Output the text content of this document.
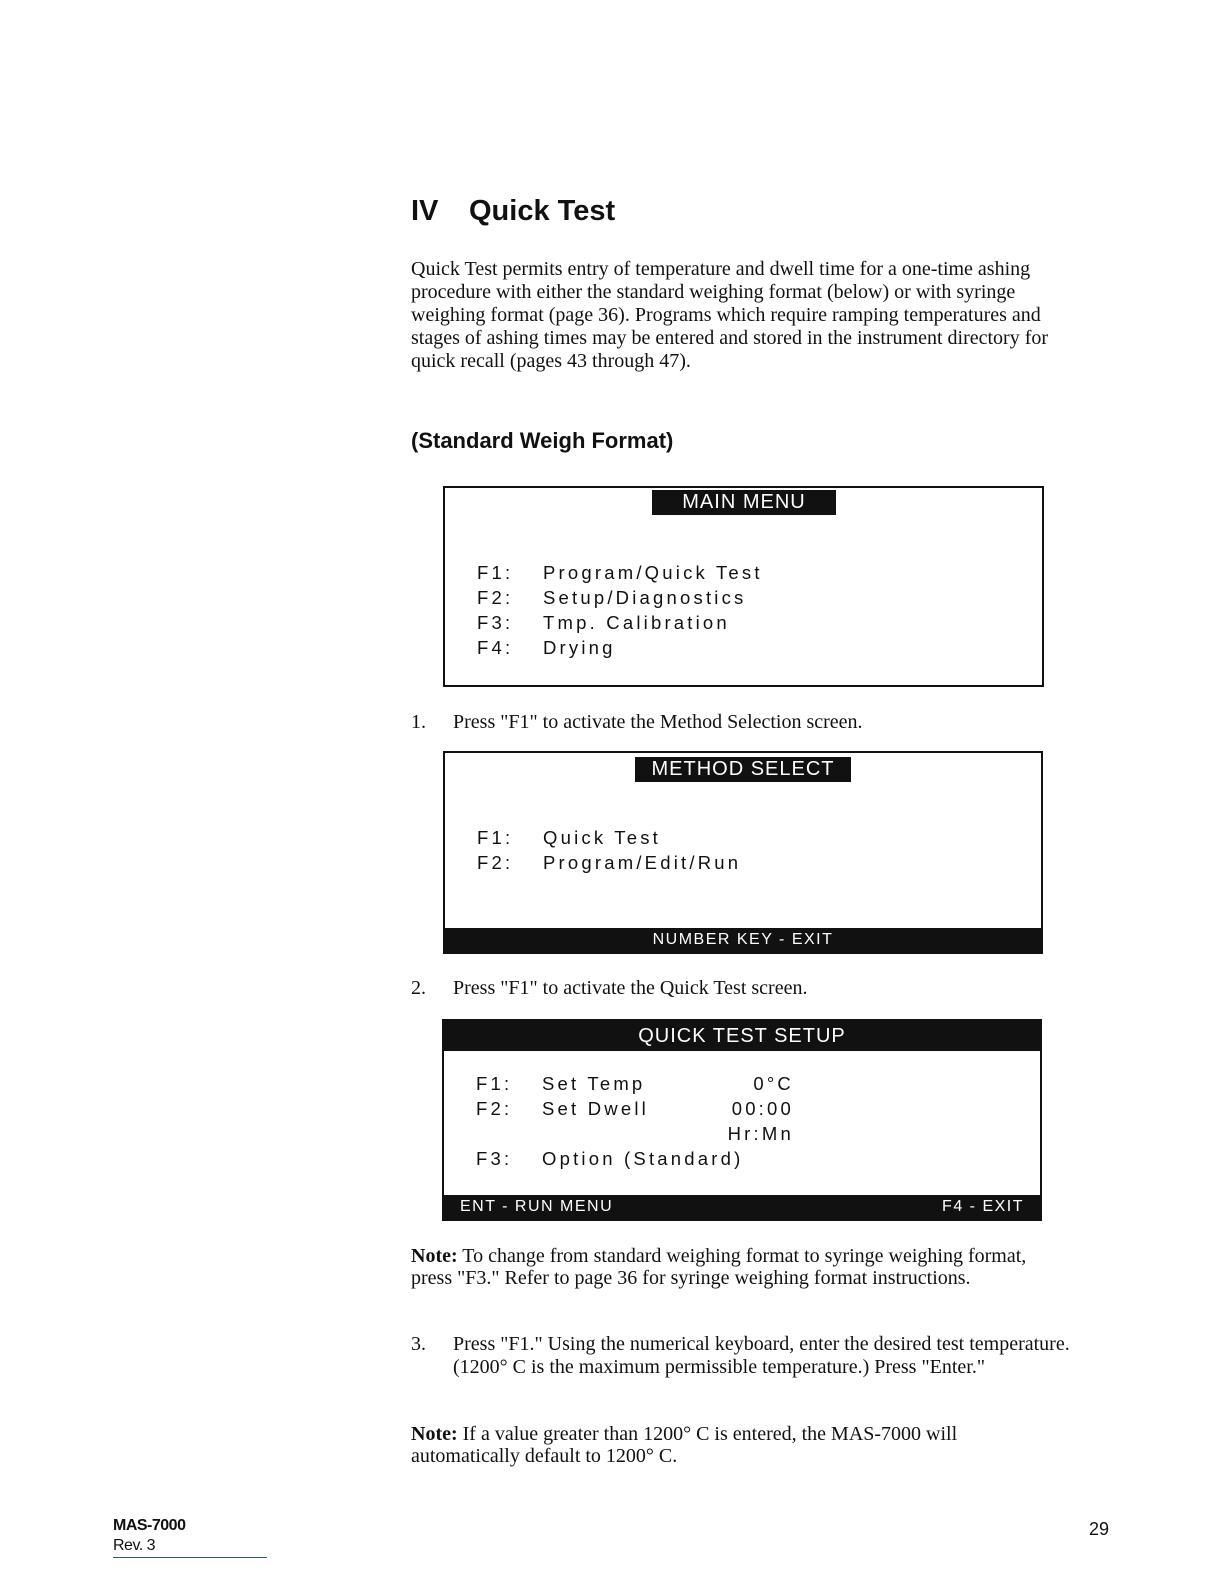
IV Quick Test
Quick Test permits entry of temperature and dwell time for a one-time ashing procedure with either the standard weighing format (below) or with syringe weighing format (page 36). Programs which require ramping temperatures and stages of ashing times may be entered and stored in the instrument directory for quick recall (pages 43 through 47).
(Standard Weigh Format)
MAIN MENU
F1: Program/Quick Test
F2: Setup/Diagnostics
F3: Tmp. Calibration
F4: Drying
1. Press "F1" to activate the Method Selection screen.
METHOD SELECT
F1: Quick Test
F2: Program/Edit/Run
NUMBER KEY - EXIT
2. Press "F1" to activate the Quick Test screen.
QUICK TEST SETUP
F1: Set Temp	0°C
F2: Set Dwell	00:00
Hr:Mn
F3: Option (Standard)
ENT - RUN MENU	F4 - EXIT
Note: To change from standard weighing format to syringe weighing format, press "F3." Refer to page 36 for syringe weighing format instructions.
3. Press "F1." Using the numerical keyboard, enter the desired test temperature. (1200° C is the maximum permissible temperature.) Press "Enter."
Note: If a value greater than 1200° C is entered, the MAS-7000 will automatically default to 1200° C.
MAS-7000
Rev. 3
29
